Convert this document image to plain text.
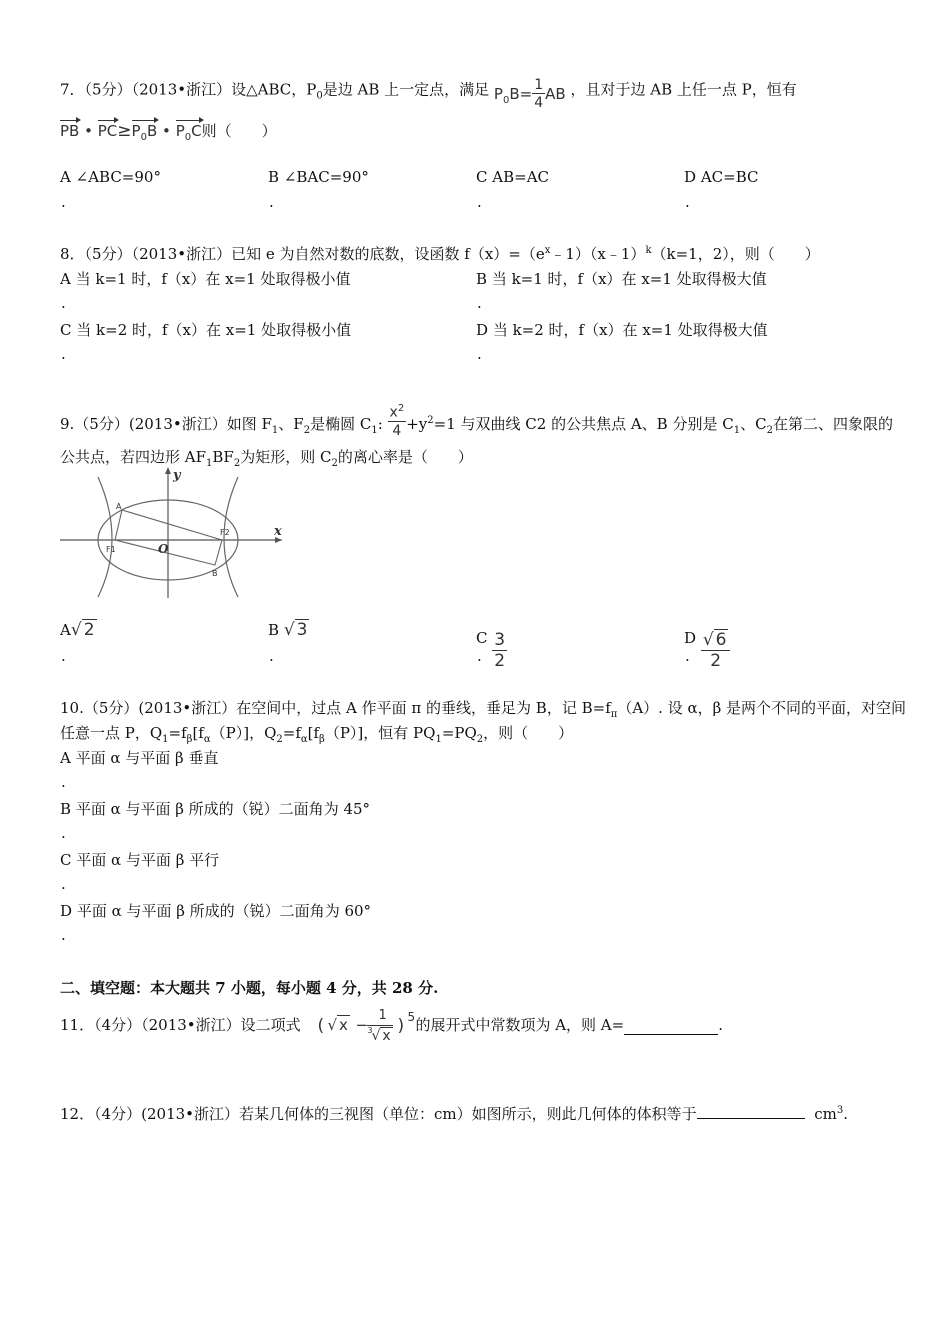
7．（5分）（2013•浙江）设△ABC，$P_0$是边 AB 上一定点，满足 $P_0B= \frac{1}{4}$ AB ，且对于边 AB 上任一点 P，恒有
PB • $PC\ge P_0B$ • $P_0C$则（　　）
A ∠ABC=90°	B ∠BAC=90°	C AB=AC	D AC=BC
.	.	.	.
8．（5分）（2013•浙江）已知 e 为自然对数的底数，设函数 $f(x)=(e^x﹣1)(x﹣1)^k(k=1$，2），则（　　）
A 当 k=1 时，f（x）在 x=1 处取得极小值	B 当 k=1 时，f（x）在 x=1 处取得极大值
.	.
C 当 k=2 时，f（x）在 x=1 处取得极小值	D 当 k=2 时，f（x）在 x=1 处取得极大值
.	.
9.（5分）(2013•浙江）如图 $F_1$、$F_2$是椭圆 $C_1$: $\frac{x^2}{4} +y^2=1$ 与双曲线 C2 的公共焦点 A、B 分别是 $C_1$、$C_2$在第二、四象限的
公共点，若四边形 $AF_1BF_2$为矩形，则 $C_2$的离心率是（　　）
y
x
A
B
O
F1
F2
A√ 2	B √ 3	C $\frac{3}{2}$	D $\frac{√ 6}{2}$
.	.	.	.
10.（5分）(2013•浙江）在空间中，过点 A 作平面 π 的垂线，垂足为 B，记 $B=f_\pi(A)$. 设 α，β 是两个不同的平面，对空间
任意一点 P，$Q_1=f_\beta[f_\alpha(P)]$，$Q_2=f_\alpha[f_\beta(P)]$，恒有 $PQ_1=PQ_2$，则（　　）
A 平面 α 与平面 β 垂直
.
B 平面 α 与平面 β 所成的（锐）二面角为 45°
.
C 平面 α 与平面 β 平行
.
D 平面 α 与平面 β 所成的（锐）二面角为 60°
.
二、填空题：本大题共 7 小题，每小题 4 分，共 28 分.
11．（4分）（2013•浙江）设二项式 ( √ x −
1
3
√ x ) 5 的展开式中常数项为 A，则 A=	.
12．（4分）(2013•浙江）若某几何体的三视图（单位：cm）如图所示，则此几何体的体积等于	$cm^3$.
